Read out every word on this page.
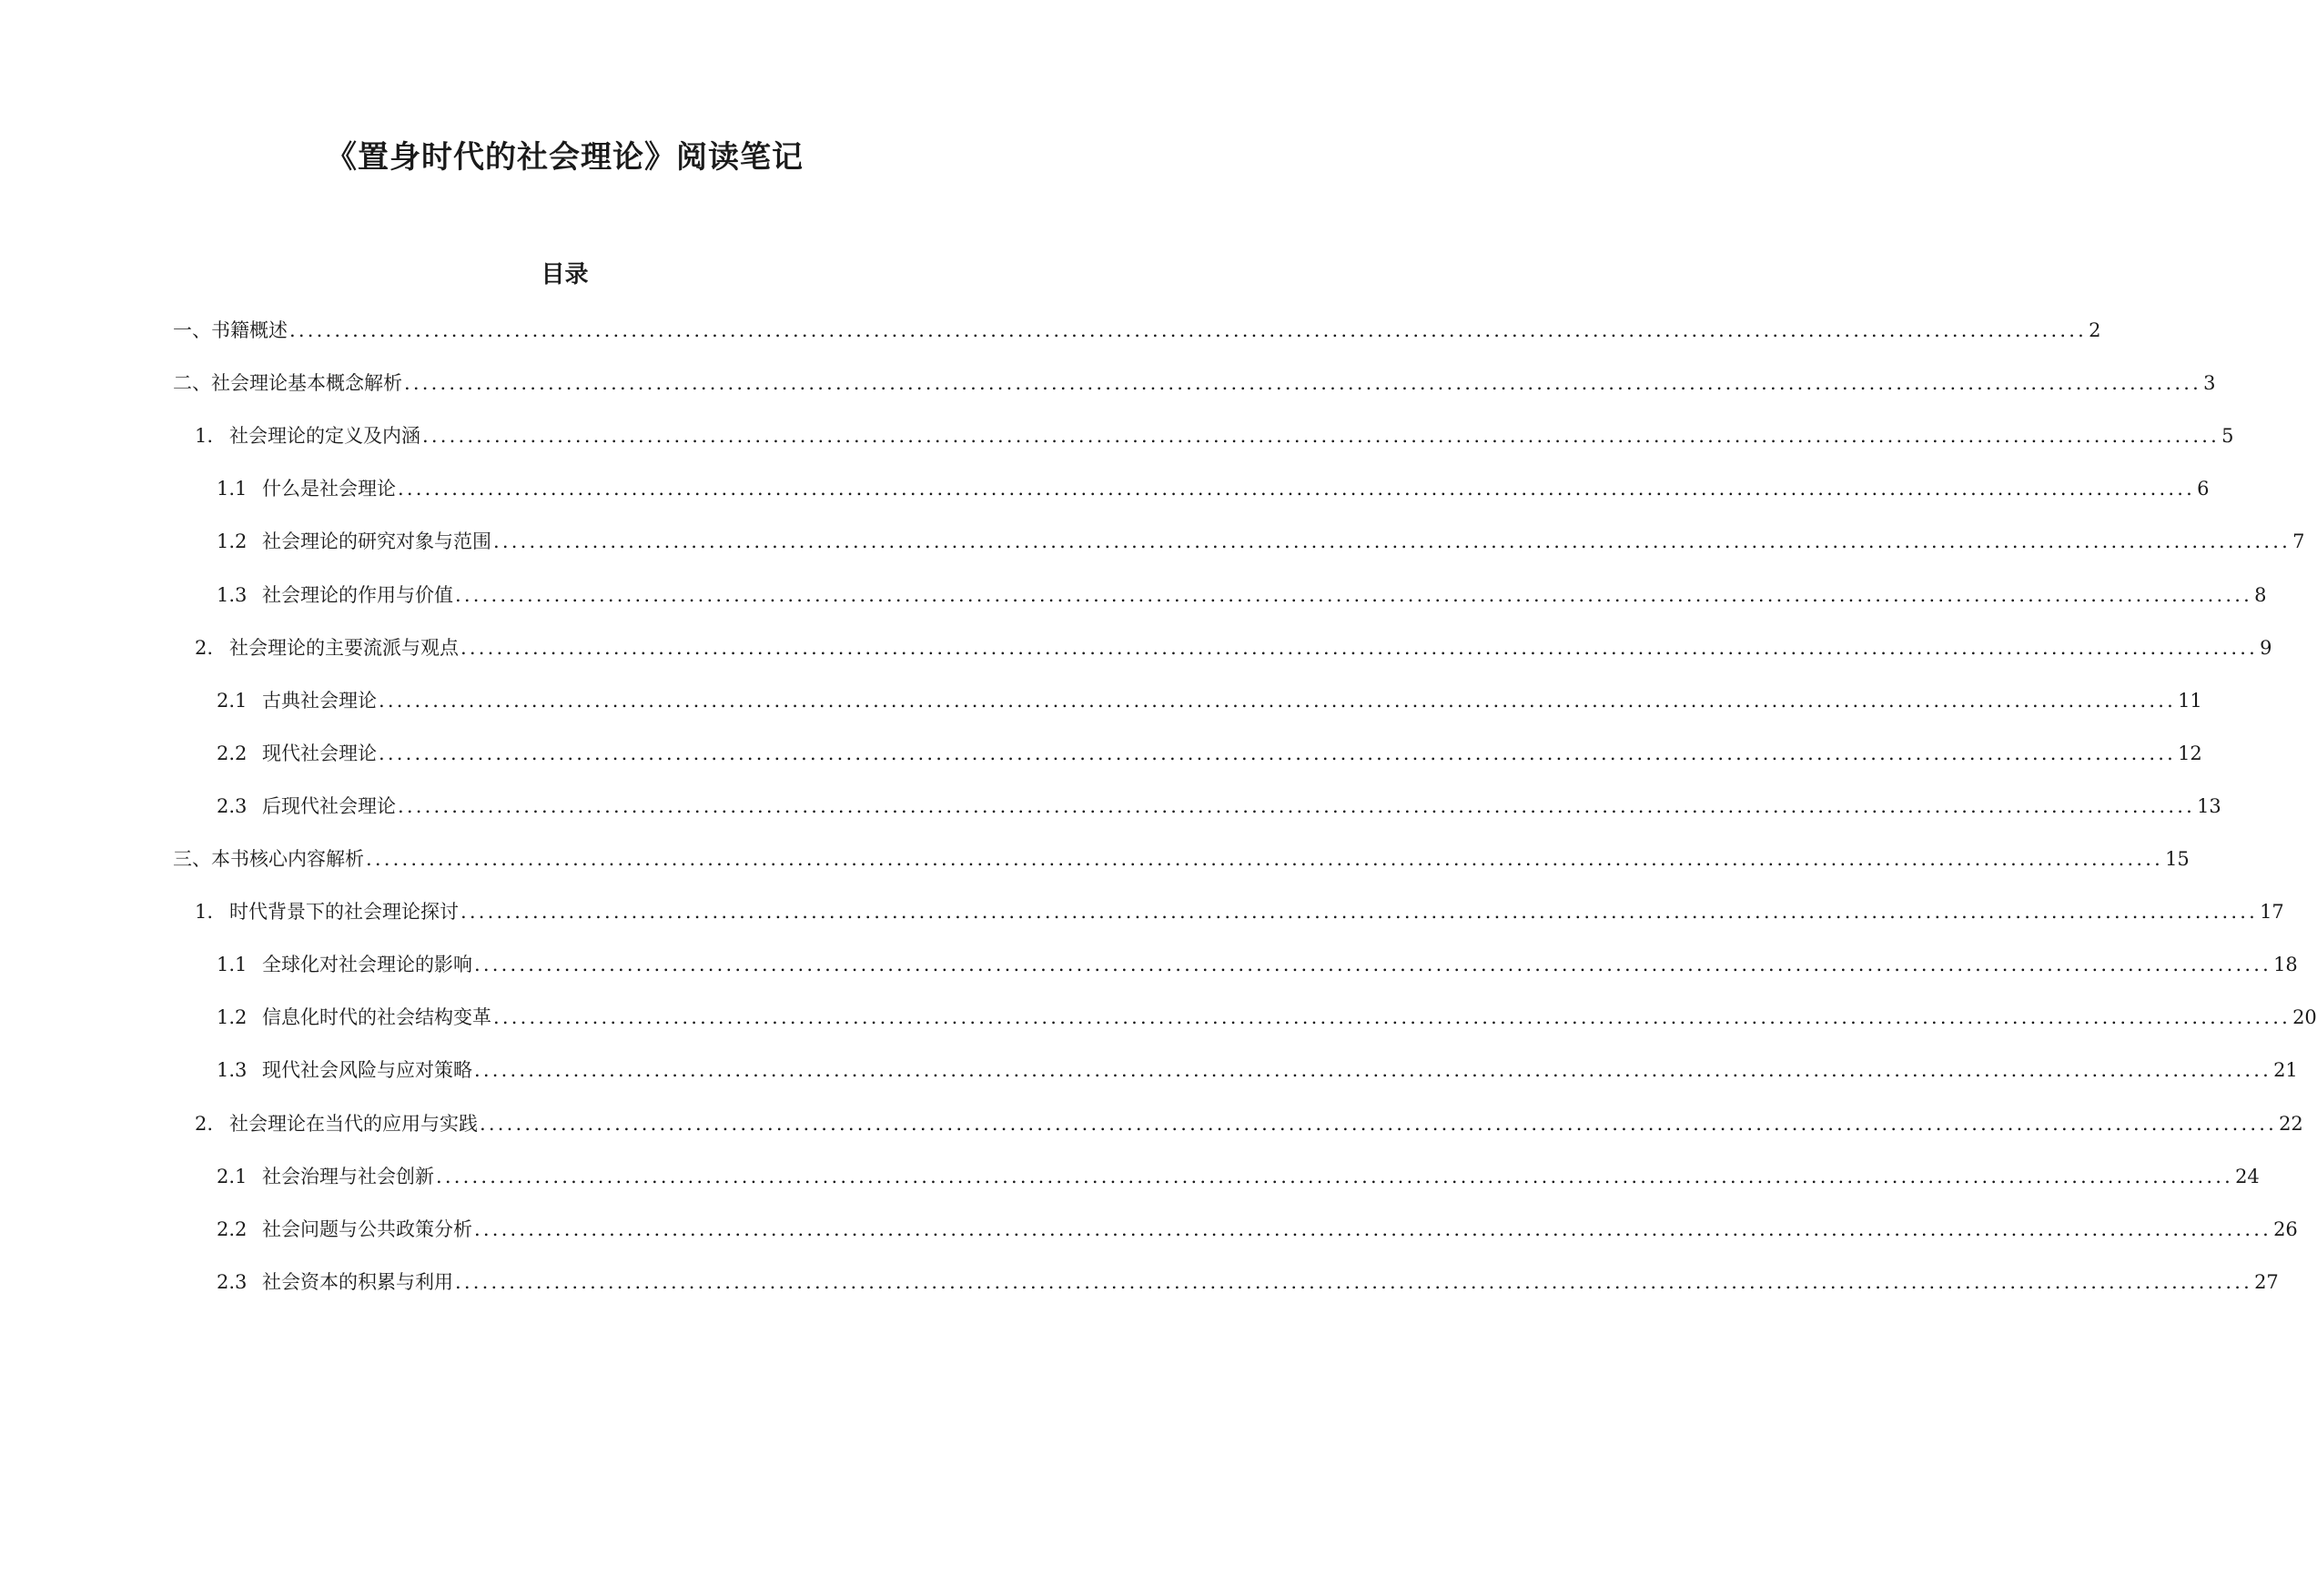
《置身时代的社会理论》阅读笔记
目录
一、 书籍概述 ........................................................................................................................................................................................................ 2
二、 社会理论基本概念解析 ........................................................................................................................................................................................................ 3
1. 社会理论的定义及内涵 ........................................................................................................................................................................................................ 5
1.1 什么是社会理论 ........................................................................................................................................................................................................ 6
1.2 社会理论的研究对象与范围 ........................................................................................................................................................................................................ 7
1.3 社会理论的作用与价值 ........................................................................................................................................................................................................ 8
2. 社会理论的主要流派与观点 ........................................................................................................................................................................................................ 9
2.1 古典社会理论 ........................................................................................................................................................................................................ 11
2.2 现代社会理论 ........................................................................................................................................................................................................ 12
2.3 后现代社会理论 ........................................................................................................................................................................................................ 13
三、 本书核心内容解析 ........................................................................................................................................................................................................ 15
1. 时代背景下的社会理论探讨 ........................................................................................................................................................................................................ 17
1.1 全球化对社会理论的影响 ........................................................................................................................................................................................................ 18
1.2 信息化时代的社会结构变革 ........................................................................................................................................................................................................ 20
1.3 现代社会风险与应对策略 ........................................................................................................................................................................................................ 21
2. 社会理论在当代的应用与实践 ........................................................................................................................................................................................................ 22
2.1 社会治理与社会创新 ........................................................................................................................................................................................................ 24
2.2 社会问题与公共政策分析 ........................................................................................................................................................................................................ 26
2.3 社会资本的积累与利用 ........................................................................................................................................................................................................ 27
